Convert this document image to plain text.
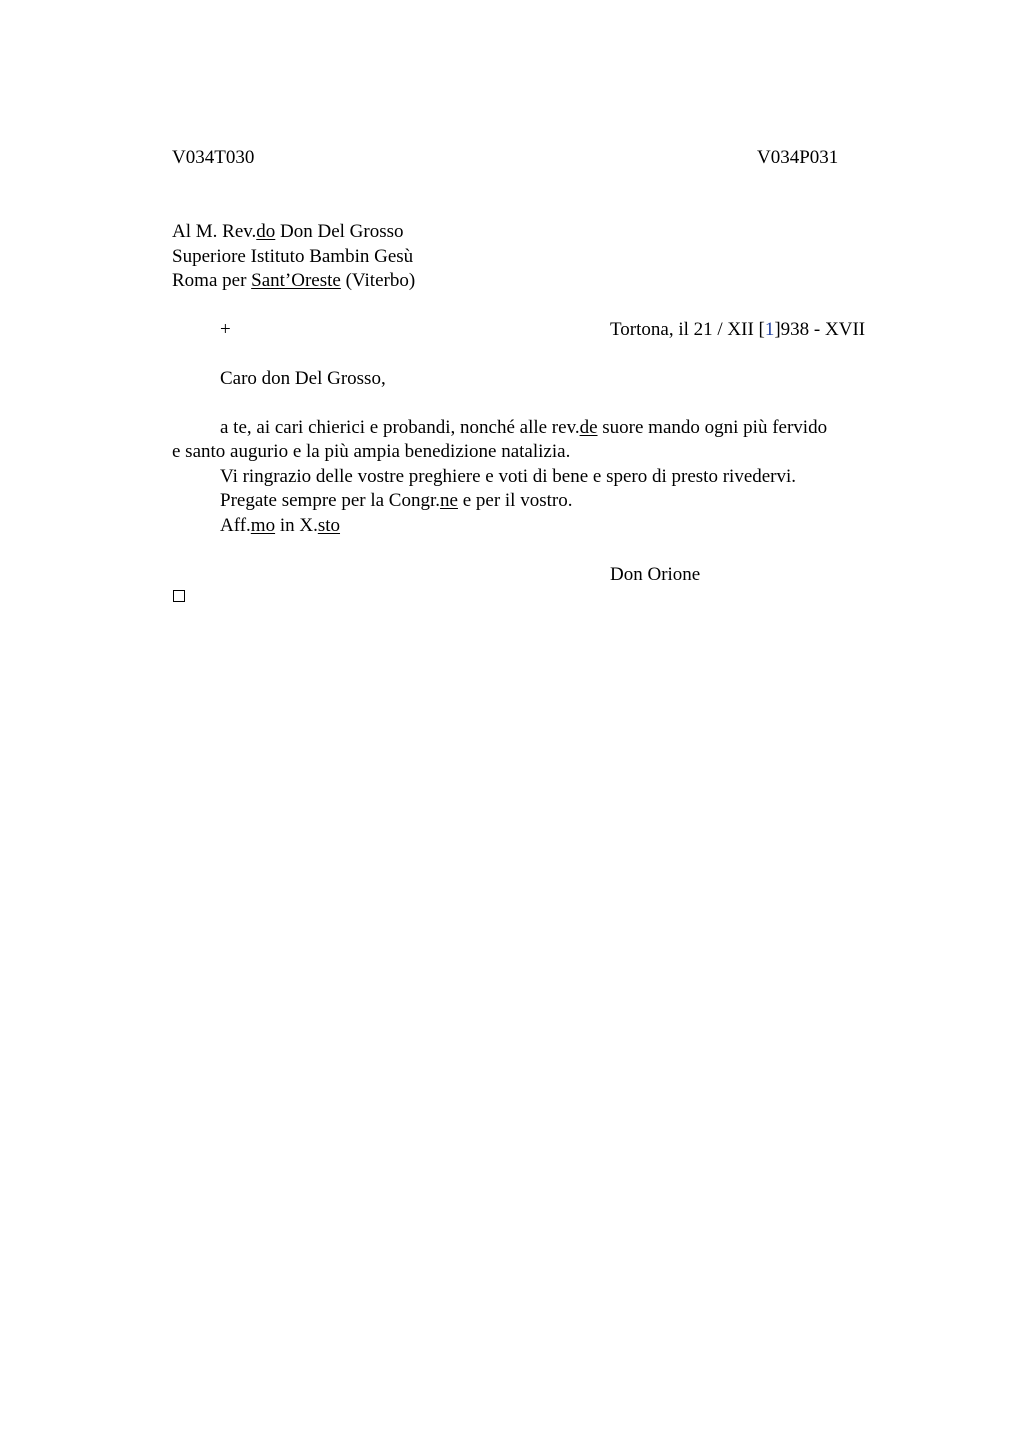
V034T030	V034P031
Al M. Rev.do Don Del Grosso
Superiore Istituto Bambin Gesù
Roma per Sant’Oreste (Viterbo)
+	Tortona, il 21 / XII [1]938 - XVII
Caro don Del Grosso,
a te, ai cari chierici e probandi, nonché alle rev.de suore mando ogni più fervido
e santo augurio e la più ampia benedizione natalizia.
Vi ringrazio delle vostre preghiere e voti di bene e spero di presto rivedervi.
Pregate sempre per la Congr.ne e per il vostro.
Aff.mo in X.sto
Don Orione
